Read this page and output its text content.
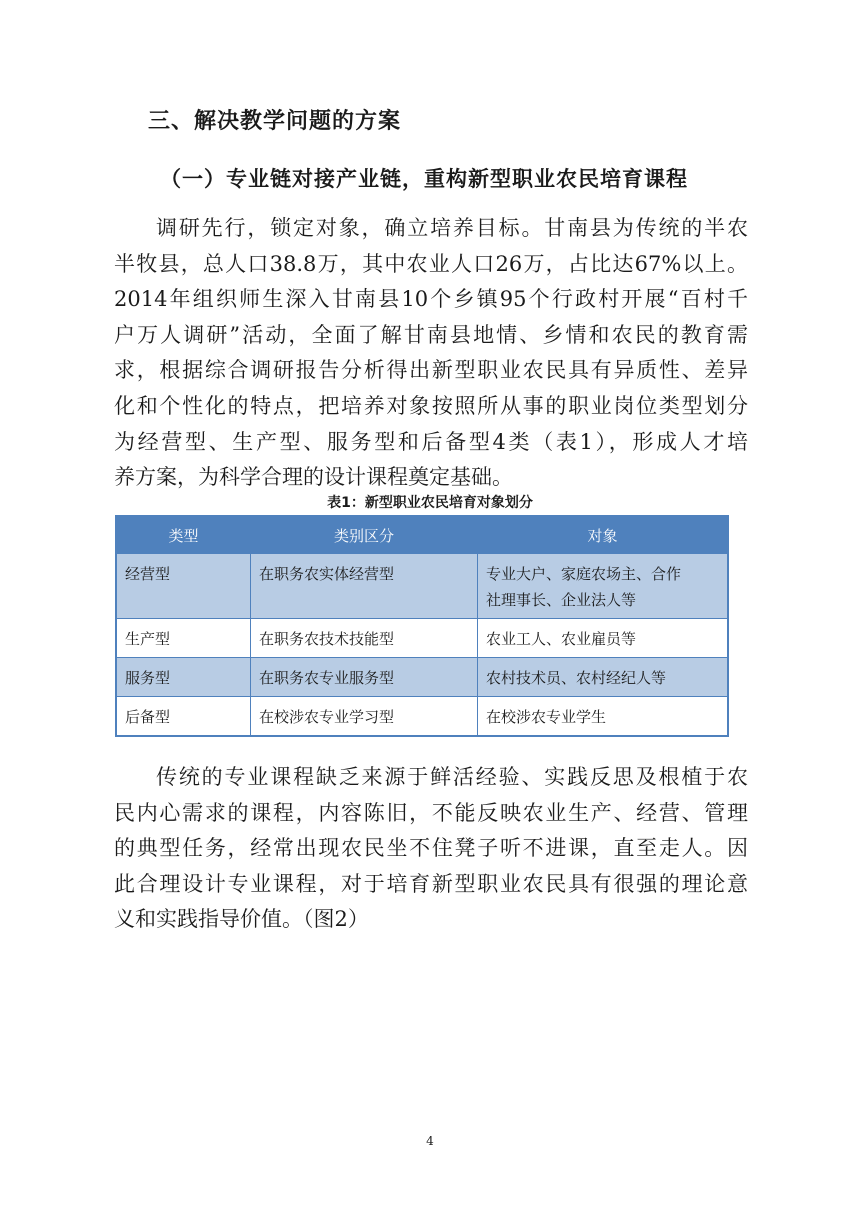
三、解决教学问题的方案
（一）专业链对接产业链，重构新型职业农民培育课程
调研先行，锁定对象，确立培养目标。甘南县为传统的半农
半牧县，总人口38.8万，其中农业人口26万，占比达67%以上。
2014年组织师生深入甘南县10个乡镇95个行政村开展“百村千
户万人调研”活动，全面了解甘南县地情、乡情和农民的教育需
求，根据综合调研报告分析得出新型职业农民具有异质性、差异
化和个性化的特点，把培养对象按照所从事的职业岗位类型划分
为经营型、生产型、服务型和后备型4类（表1），形成人才培
养方案，为科学合理的设计课程奠定基础。
表1：新型职业农民培育对象划分
类型	类别区分	对象
经营型	在职务农实体经营型	专业大户、家庭农场主、合作
社理事长、企业法人等

生产型	在职务农技术技能型	农业工人、农业雇员等

服务型	在职务农专业服务型	农村技术员、农村经纪人等

后备型	在校涉农专业学习型	在校涉农专业学生
传统的专业课程缺乏来源于鲜活经验、实践反思及根植于农
民内心需求的课程，内容陈旧，不能反映农业生产、经营、管理
的典型任务，经常出现农民坐不住凳子听不进课，直至走人。因
此合理设计专业课程，对于培育新型职业农民具有很强的理论意
义和实践指导价值。（图2）
4
